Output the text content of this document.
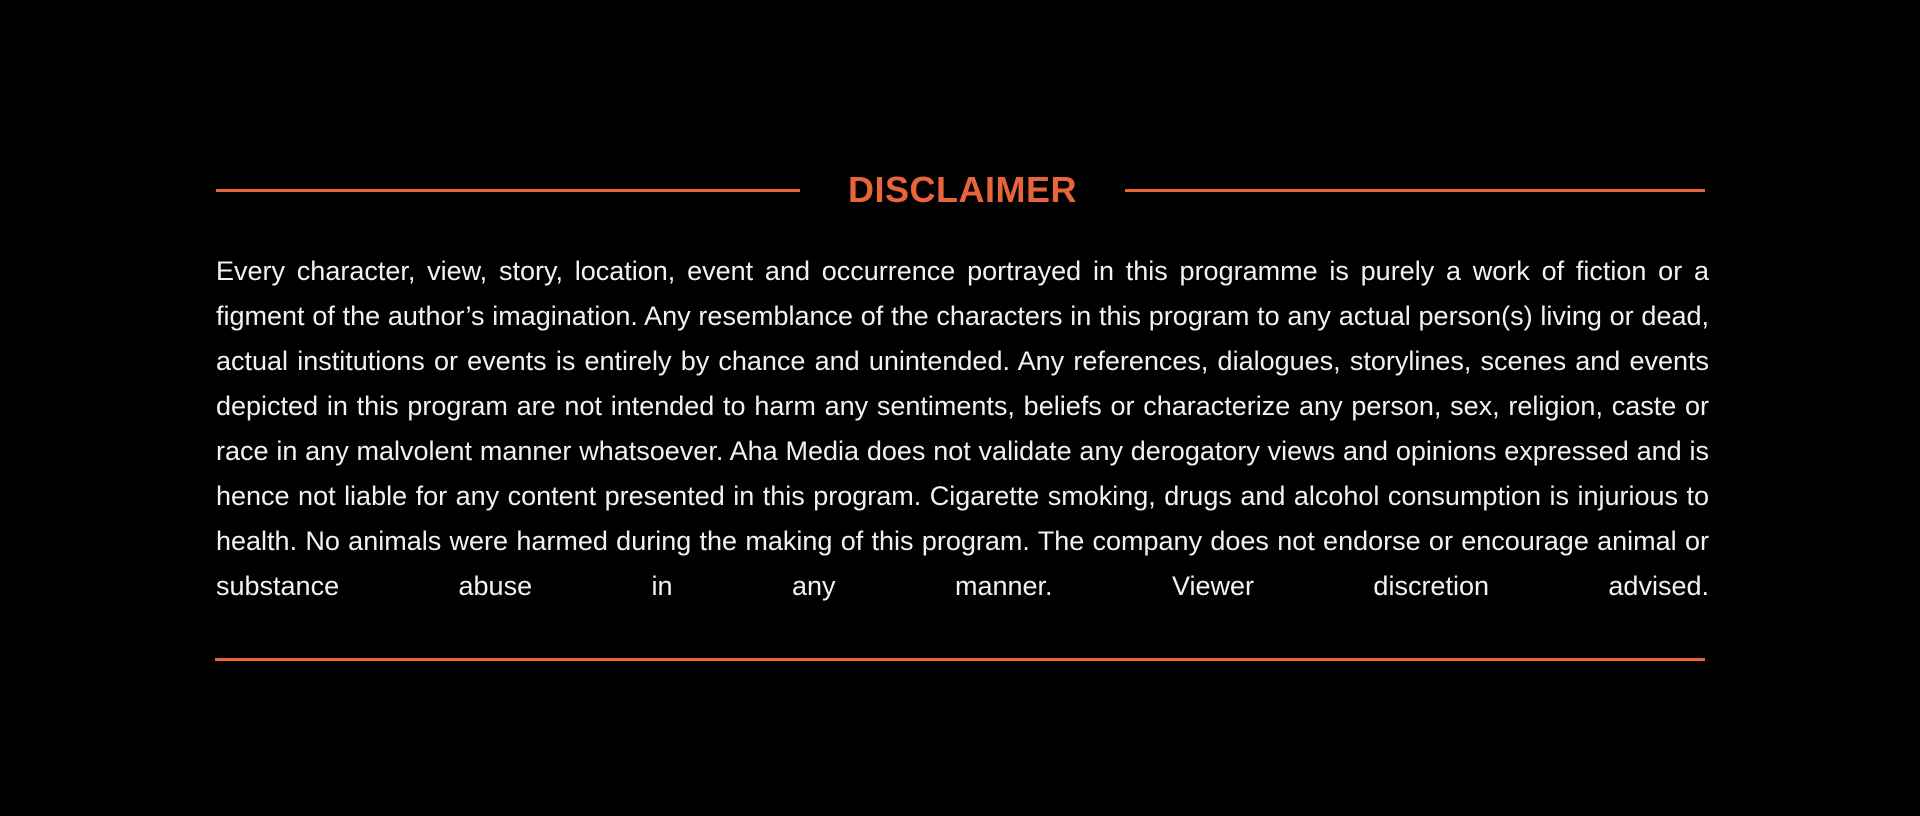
DISCLAIMER

Every character, view, story, location, event and occurrence portrayed in this programme is purely a work of fiction or a figment of the author’s imagination. Any resemblance of the characters in this program to any actual person(s) living or dead, actual institutions or events is entirely by chance and unintended. Any references, dialogues, storylines, scenes and events depicted in this program are not intended to harm any sentiments, beliefs or characterize any person, sex, religion, caste or race in any malvolent manner whatsoever. Aha Media does not validate any derogatory views and opinions expressed and is hence not liable for any content presented in this program. Cigarette smoking, drugs and alcohol consumption is injurious to health. No animals were harmed during the making of this program. The company does not endorse or encourage animal or substance abuse in any manner. Viewer discretion advised.
